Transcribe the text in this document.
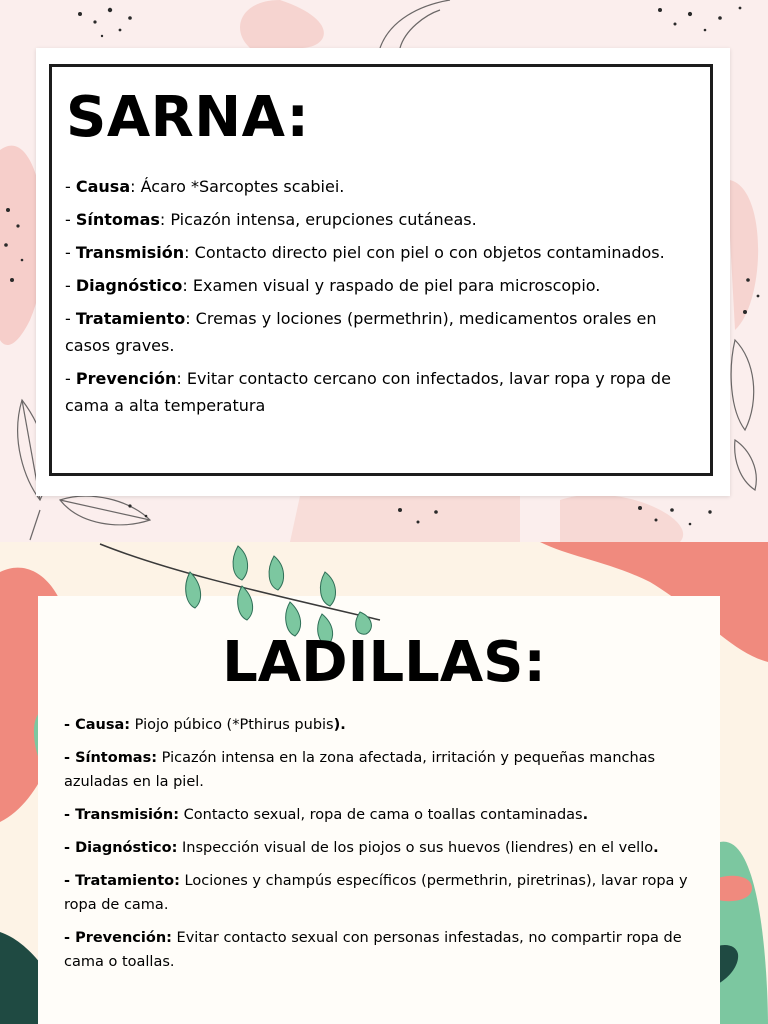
SARNA:

- Causa: Ácaro *Sarcoptes scabiei.

- Síntomas: Picazón intensa, erupciones cutáneas.

- Transmisión: Contacto directo piel con piel o con objetos contaminados.

- Diagnóstico: Examen visual y raspado de piel para microscopio.

- Tratamiento: Cremas y lociones (permethrin), medicamentos orales en casos graves.

- Prevención: Evitar contacto cercano con infectados, lavar ropa y ropa de cama a alta temperatura

LADILLAS:

- Causa: Piojo púbico (*Pthirus pubis).

- Síntomas: Picazón intensa en la zona afectada, irritación y pequeñas manchas azuladas en la piel.

- Transmisión: Contacto sexual, ropa de cama o toallas contaminadas.

- Diagnóstico: Inspección visual de los piojos o sus huevos (liendres) en el vello.

- Tratamiento: Lociones y champús específicos (permethrin, piretrinas), lavar ropa y ropa de cama.

- Prevención: Evitar contacto sexual con personas infestadas, no compartir ropa de cama o toallas.
